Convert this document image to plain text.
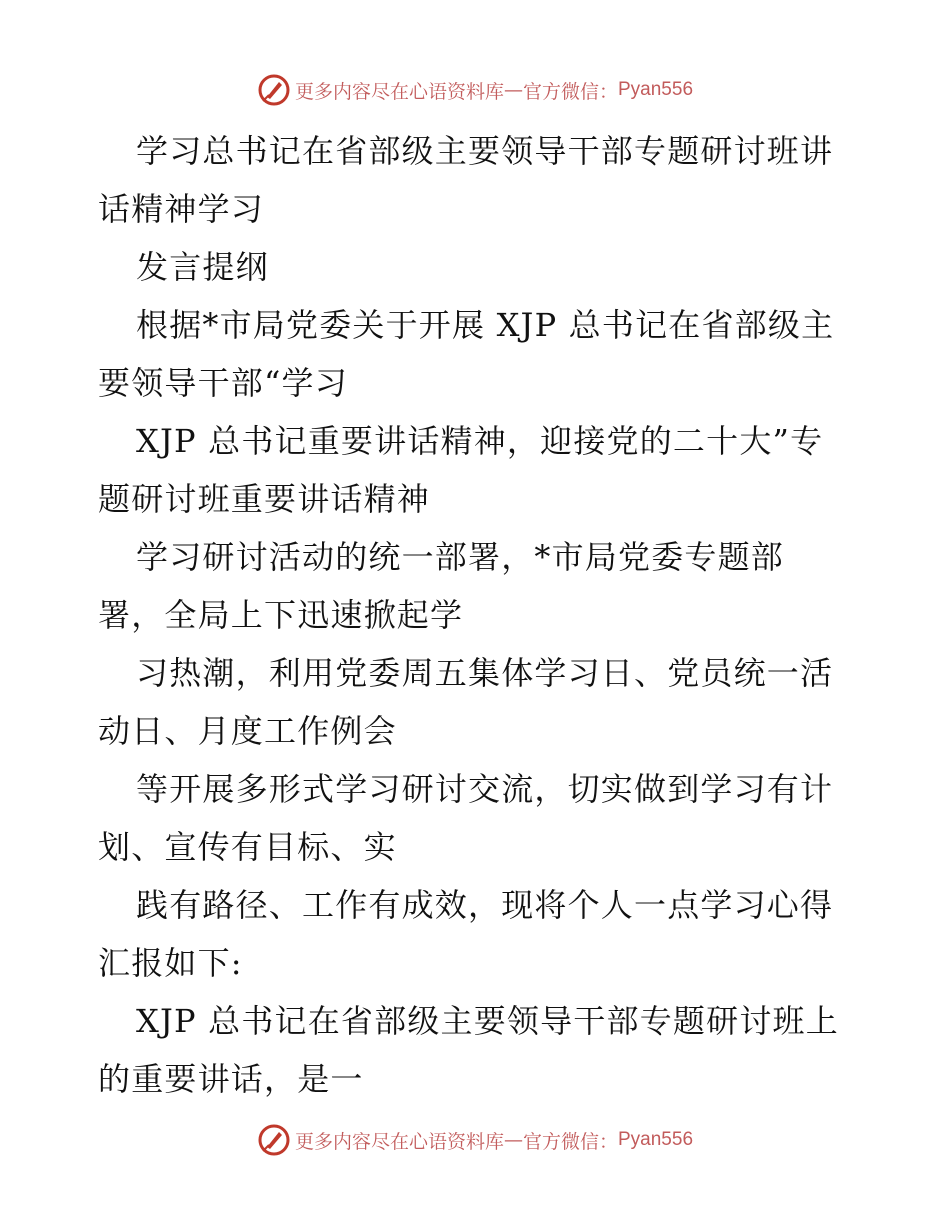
更多内容尽在心语资料库 — 官方微信： Pyan556

学习总书记在省部级主要领导干部专题研讨班讲

话精神学习

发言提纲

根据*市局党委关于开展 XJP 总书记在省部级主

要领导干部“学习

XJP 总书记重要讲话精神，迎接党的二十大”专

题研讨班重要讲话精神

学习研讨活动的统一部署，*市局党委专题部

署，全局上下迅速掀起学

习热潮，利用党委周五集体学习日、党员统一活

动日、月度工作例会

等开展多形式学习研讨交流，切实做到学习有计

划、宣传有目标、实

践有路径、工作有成效，现将个人一点学习心得

汇报如下:

XJP 总书记在省部级主要领导干部专题研讨班上

的重要讲话，是一

更多内容尽在心语资料库 — 官方微信： Pyan556
